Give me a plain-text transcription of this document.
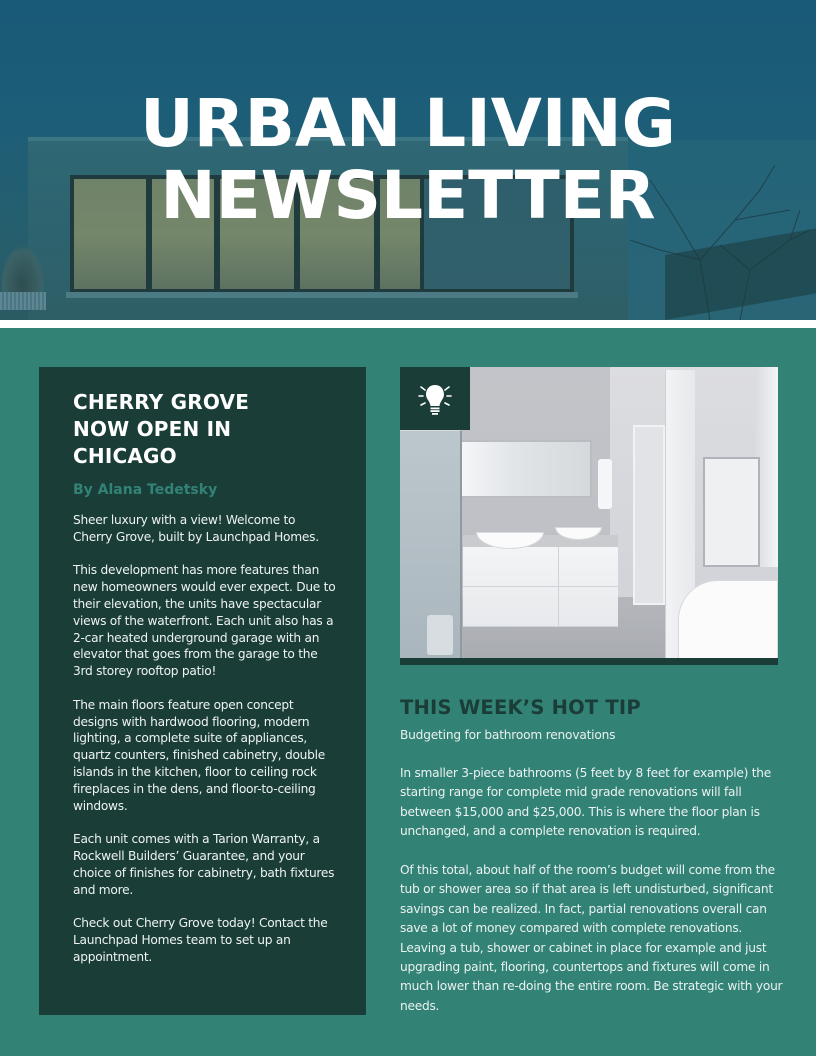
URBAN LIVING
NEWSLETTER
CHERRY GROVE NOW OPEN IN CHICAGO
By Alana Tedetsky

Sheer luxury with a view! Welcome to Cherry Grove, built by Launchpad Homes.

This development has more features than new homeowners would ever expect. Due to their elevation, the units have spectacular views of the waterfront. Each unit also has a 2-car heated underground garage with an elevator that goes from the garage to the 3rd storey rooftop patio!

The main floors feature open concept designs with hardwood flooring, modern lighting, a complete suite of appliances, quartz counters, finished cabinetry, double islands in the kitchen, floor to ceiling rock fireplaces in the dens, and floor-to-ceiling windows.

Each unit comes with a Tarion Warranty, a Rockwell Builders’ Guarantee, and your choice of finishes for cabinetry, bath fixtures and more.

Check out Cherry Grove today! Contact the Launchpad Homes team to set up an appointment.

THIS WEEK’S HOT TIP
Budgeting for bathroom renovations

In smaller 3-piece bathrooms (5 feet by 8 feet for example) the starting range for complete mid grade renovations will fall between $15,000 and $25,000. This is where the floor plan is unchanged, and a complete renovation is required.

Of this total, about half of the room’s budget will come from the tub or shower area so if that area is left undisturbed, significant savings can be realized. In fact, partial renovations overall can save a lot of money compared with complete renovations. Leaving a tub, shower or cabinet in place for example and just upgrading paint, flooring, countertops and fixtures will come in much lower than re-doing the entire room. Be strategic with your needs.
